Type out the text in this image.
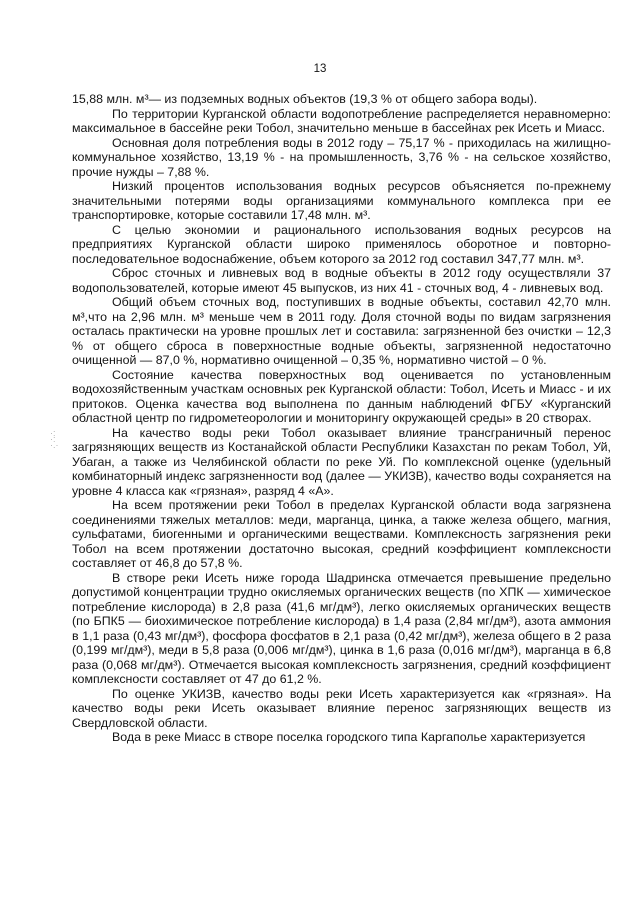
13
·:·:·.·

15,88 млн. м³— из подземных водных объектов (19,3 % от общего забора воды).

По территории Курганской области водопотребление распределяется неравномерно: максимальное в бассейне реки Тобол, значительно меньше в бассейнах рек Исеть и Миасс.

Основная доля потребления воды в 2012 году – 75,17 % - приходилась на жилищно-коммунальное хозяйство, 13,19 % - на промышленность, 3,76 % - на сельское хозяйство, прочие нужды – 7,88 %.

Низкий процентов использования водных ресурсов объясняется по-прежнему значительными потерями воды организациями коммунального комплекса при ее транспортировке, которые составили 17,48 млн. м³.

С целью экономии и рационального использования водных ресурсов на предприятиях Курганской области широко применялось оборотное и повторно-последовательное водоснабжение, объем которого за 2012 год составил 347,77 млн. м³.

Сброс сточных и ливневых вод в водные объекты в 2012 году осуществляли 37 водопользователей, которые имеют 45 выпусков, из них 41 - сточных вод, 4 - ливневых вод.

Общий объем сточных вод, поступивших в водные объекты, составил 42,70 млн. м³,что на 2,96 млн. м³ меньше чем в 2011 году. Доля сточной воды по видам загрязнения осталась практически на уровне прошлых лет и составила: загрязненной без очистки – 12,3 % от общего сброса в поверхностные водные объекты, загрязненной недостаточно очищенной — 87,0 %, нормативно очищенной – 0,35 %, нормативно чистой – 0 %.

Состояние качества поверхностных вод оценивается по установленным водохозяйственным участкам основных рек Курганской области: Тобол, Исеть и Миасс - и их притоков. Оценка качества вод выполнена по данным наблюдений ФГБУ «Курганский областной центр по гидрометеорологии и мониторингу окружающей среды» в 20 створах.

На качество воды реки Тобол оказывает влияние трансграничный перенос загрязняющих веществ из Костанайской области Республики Казахстан по рекам Тобол, Уй, Убаган, а также из Челябинской области по реке Уй. По комплексной оценке (удельный комбинаторный индекс загрязненности вод (далее — УКИЗВ), качество воды сохраняется на уровне 4 класса как «грязная», разряд 4 «А».

На всем протяжении реки Тобол в пределах Курганской области вода загрязнена соединениями тяжелых металлов: меди, марганца, цинка, а также железа общего, магния, сульфатами, биогенными и органическими веществами. Комплексность загрязнения реки Тобол на всем протяжении достаточно высокая, средний коэффициент комплексности составляет от 46,8 до 57,8 %.

В створе реки Исеть ниже города Шадринска отмечается превышение предельно допустимой концентрации трудно окисляемых органических веществ (по ХПК — химическое потребление кислорода) в 2,8 раза (41,6 мг/дм³), легко окисляемых органических веществ (по БПК5 — биохимическое потребление кислорода) в 1,4 раза (2,84 мг/дм³), азота аммония в 1,1 раза (0,43 мг/дм³), фосфора фосфатов в 2,1 раза (0,42 мг/дм³), железа общего в 2 раза (0,199 мг/дм³), меди в 5,8 раза (0,006 мг/дм³), цинка в 1,6 раза (0,016 мг/дм³), марганца в 6,8 раза (0,068 мг/дм³). Отмечается высокая комплексность загрязнения, средний коэффициент комплексности составляет от 47 до 61,2 %.

По оценке УКИЗВ, качество воды реки Исеть характеризуется как «грязная». На качество воды реки Исеть оказывает влияние перенос загрязняющих веществ из Свердловской области.

Вода в реке Миасс в створе поселка городского типа Каргаполье характеризуется
